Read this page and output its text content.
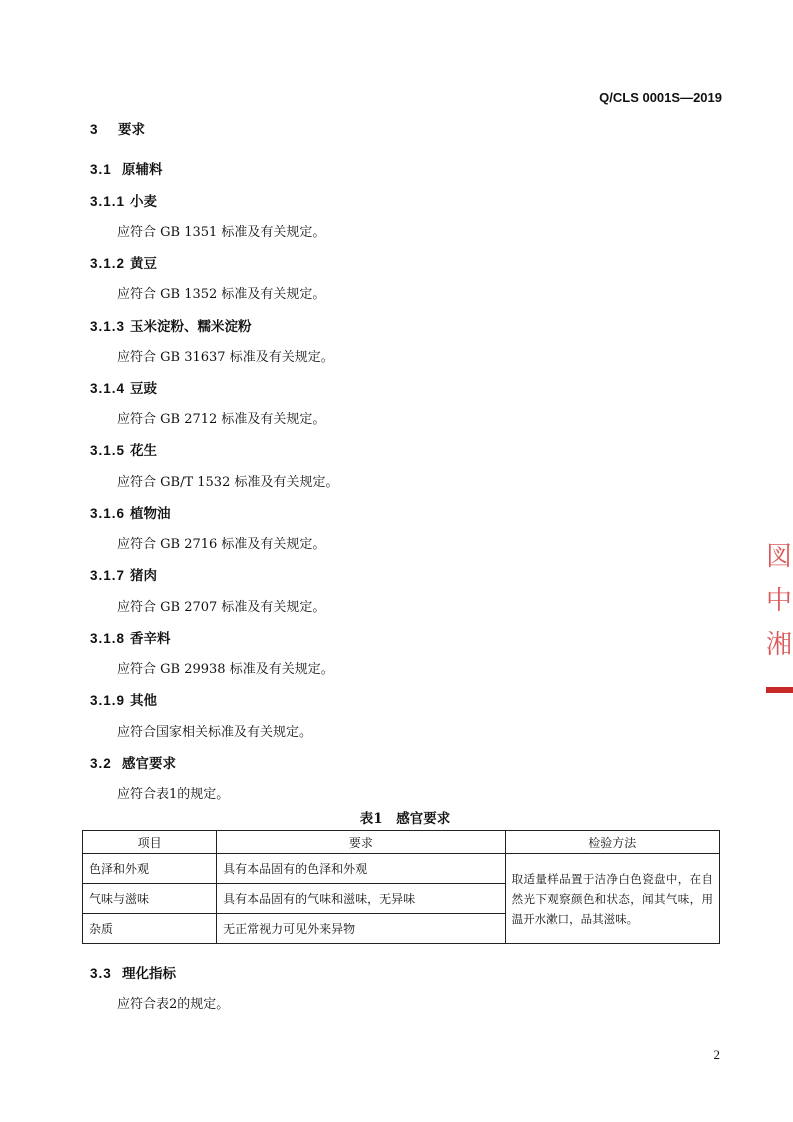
Q/CLS 0001S—2019
3 要求
3.1 原辅料
3.1.1 小麦
应符合 GB 1351 标准及有关规定。
3.1.2 黄豆
应符合 GB 1352 标准及有关规定。
3.1.3 玉米淀粉、糯米淀粉
应符合 GB 31637 标准及有关规定。
3.1.4 豆豉
应符合 GB 2712 标准及有关规定。
3.1.5 花生
应符合 GB/T 1532 标准及有关规定。
3.1.6 植物油
应符合 GB 2716 标准及有关规定。
3.1.7 猪肉
应符合 GB 2707 标准及有关规定。
3.1.8 香辛料
应符合 GB 29938 标准及有关规定。
3.1.9 其他
应符合国家相关标准及有关规定。
3.2 感官要求
应符合表1的规定。
表1　感官要求
项目	要求	检验方法
色泽和外观	具有本品固有的色泽和外观	取适量样品置于洁净白色瓷盘中，在自然光下观察颜色和状态，闻其气味，用温开水漱口，品其滋味。
气味与滋味	具有本品固有的气味和滋味，无异味	
杂质	无正常视力可见外来异物	
3.3 理化指标
应符合表2的规定。
2
図
中
湘
